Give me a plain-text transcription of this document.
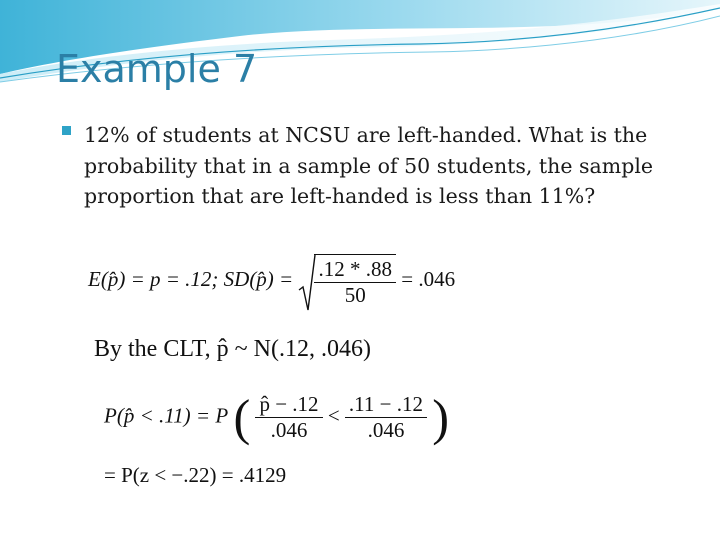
Example 7
12% of students at NCSU are left-handed. What is the probability that in a sample of 50 students, the sample proportion that are left-handed is less than 11%?
E(p̂) = p = .12; SD(p̂) = $\frac{.12 * .88}{50} = .046$
By the CLT, p̂ ~ N(.12, .046)
P(p̂ < .11) = P ( $\frac{p̂ - .12}{.046} < \frac{.11 - .12}{.046}$ )
= P(z < −.22) = .4129
